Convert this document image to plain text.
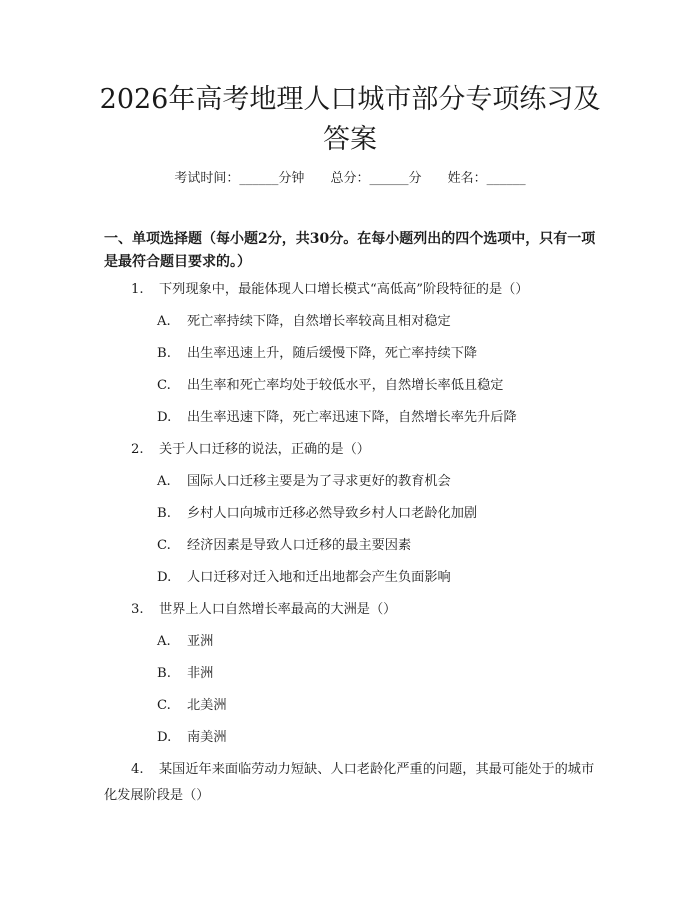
2026年高考地理人口城市部分专项练习及答案
考试时间：______分钟 总分：______分 姓名：______
一、单项选择题（每小题2分，共30分。在每小题列出的四个选项中，只有一项是最符合题目要求的。）
1. 下列现象中，最能体现人口增长模式“高低高”阶段特征的是（）
A. 死亡率持续下降，自然增长率较高且相对稳定
B. 出生率迅速上升，随后缓慢下降，死亡率持续下降
C. 出生率和死亡率均处于较低水平，自然增长率低且稳定
D. 出生率迅速下降，死亡率迅速下降，自然增长率先升后降
2. 关于人口迁移的说法，正确的是（）
A. 国际人口迁移主要是为了寻求更好的教育机会
B. 乡村人口向城市迁移必然导致乡村人口老龄化加剧
C. 经济因素是导致人口迁移的最主要因素
D. 人口迁移对迁入地和迁出地都会产生负面影响
3. 世界上人口自然增长率最高的大洲是（）
A. 亚洲
B. 非洲
C. 北美洲
D. 南美洲
4. 某国近年来面临劳动力短缺、人口老龄化严重的问题，其最可能处于的城市化发展阶段是（）
